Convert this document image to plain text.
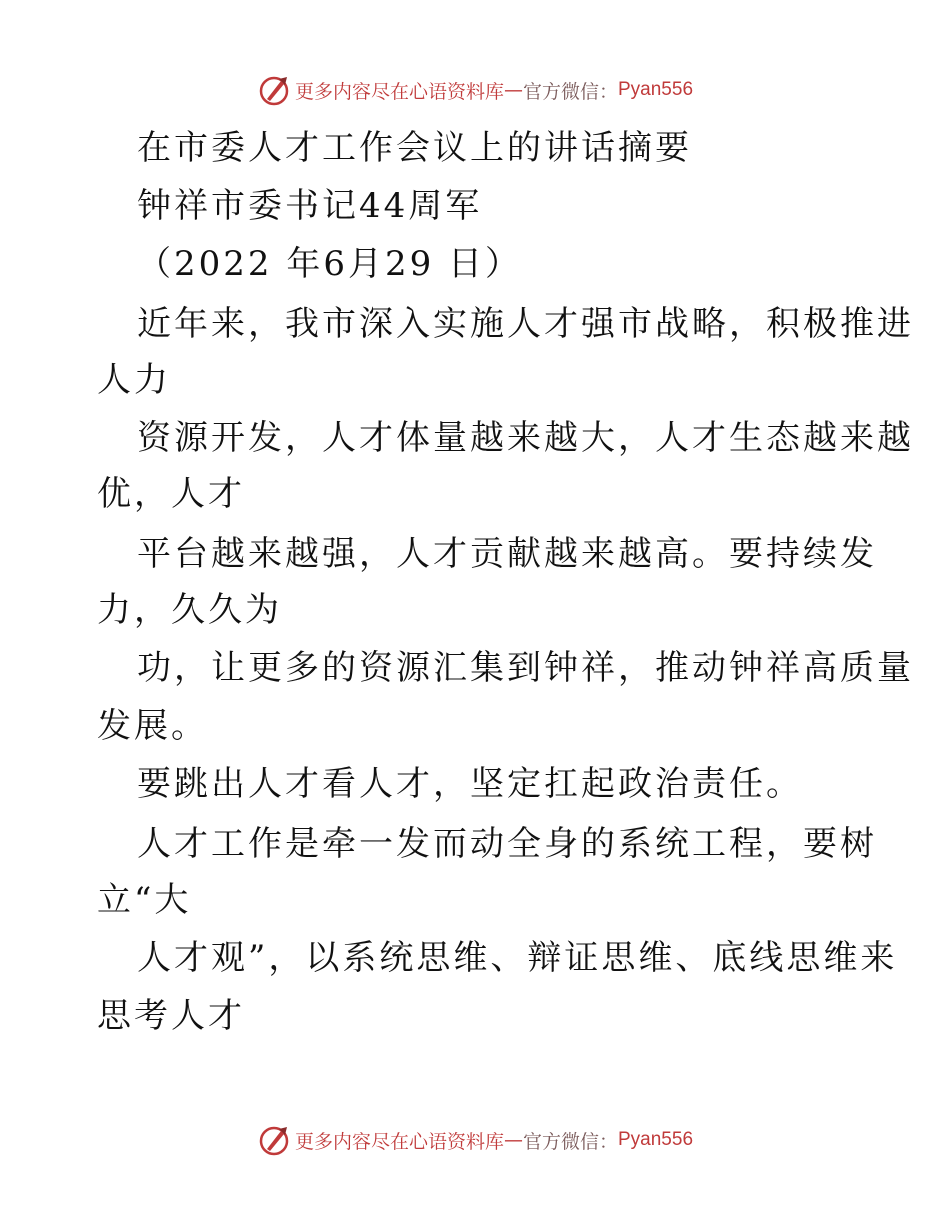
更多内容尽在心语资料库 — 官方微信： Pyan556
在市委人才工作会议上的讲话摘要
钟祥市委书记44周军
（2022 年6月29 日）
近年来，我市深入实施人才强市战略，积极推进
人力
资源开发，人才体量越来越大，人才生态越来越
优，人才
平台越来越强，人才贡献越来越高。要持续发
力，久久为
功，让更多的资源汇集到钟祥，推动钟祥高质量
发展。
要跳出人才看人才，坚定扛起政治责任。
人才工作是牵一发而动全身的系统工程，要树
立“大
人才观”，以系统思维、辩证思维、底线思维来
思考人才
更多内容尽在心语资料库 — 官方微信： Pyan556
